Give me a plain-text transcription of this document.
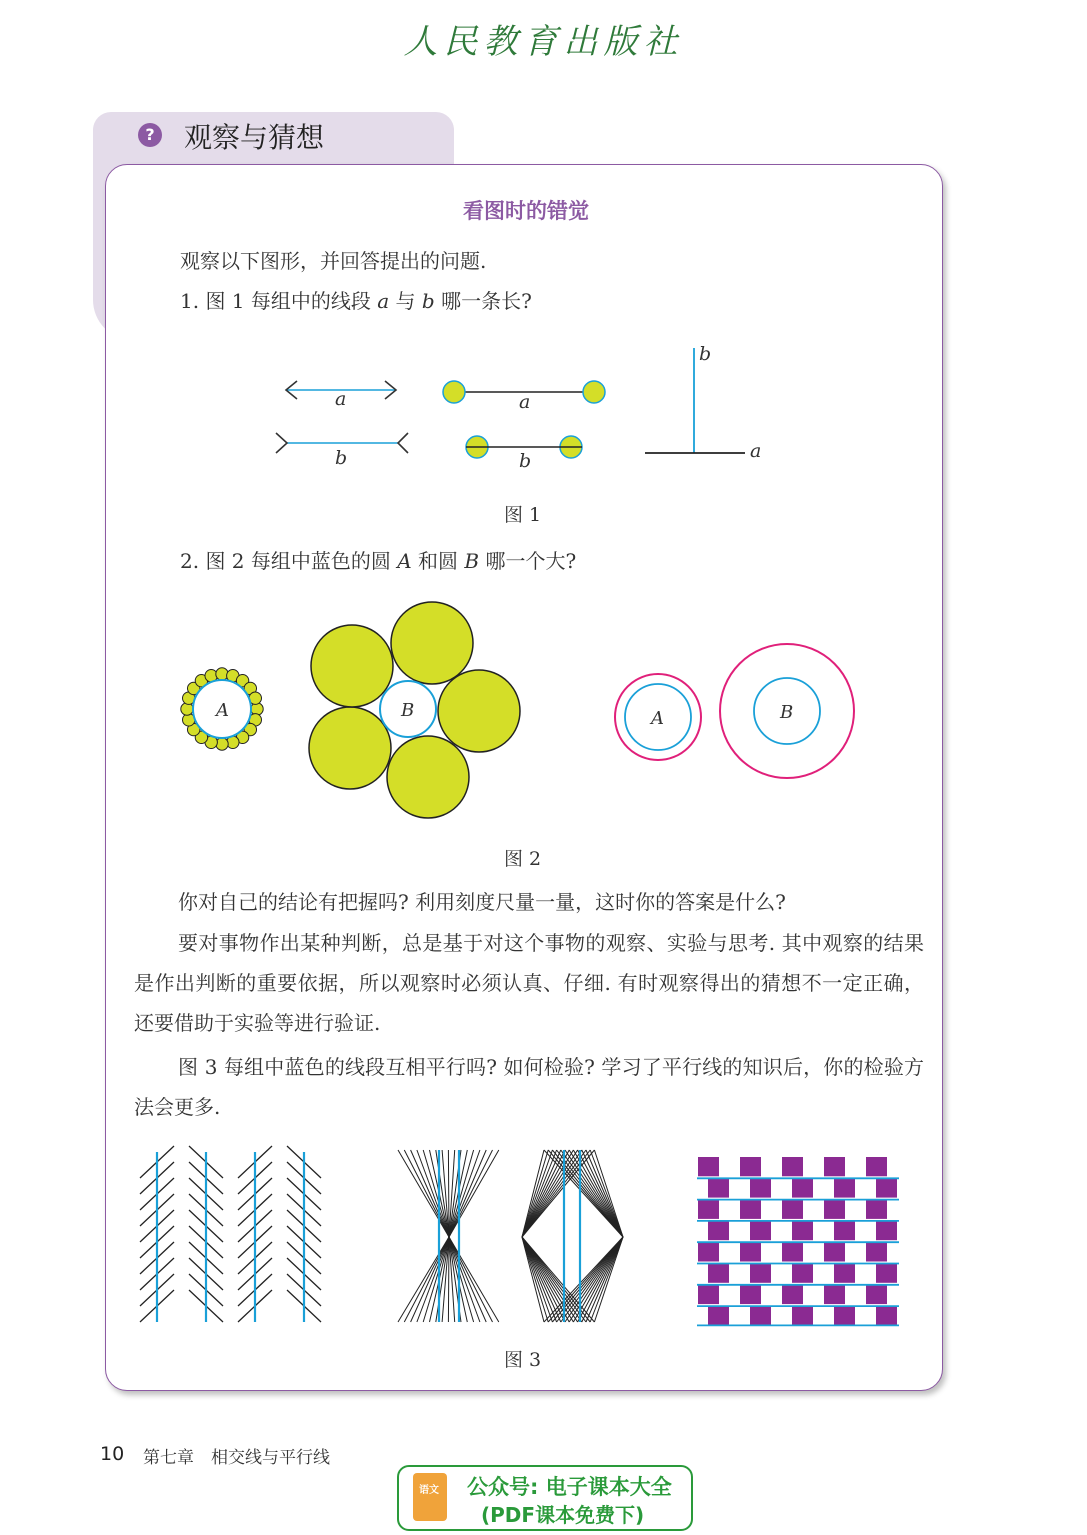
人民教育出版社
? 观察与猜想
看图时的错觉
观察以下图形，并回答提出的问题.
1. 图 1 每组中的线段 a 与 b 哪一条长?
a
b
a
b
b
a
图 1
2. 图 2 每组中蓝色的圆 A 和圆 B 哪一个大?
A	B	A	B
图 2
你对自己的结论有把握吗? 利用刻度尺量一量，这时你的答案是什么?
要对事物作出某种判断，总是基于对这个事物的观察、实验与思考. 其中观察的结果是作出判断的重要依据，所以观察时必须认真、仔细. 有时观察得出的猜想不一定正确，还要借助于实验等进行验证.
图 3 每组中蓝色的线段互相平行吗? 如何检验? 学习了平行线的知识后，你的检验方法会更多.
图 3
10 第七章　相交线与平行线
语文 公众号: 电子课本大全
(PDF课本免费下)
